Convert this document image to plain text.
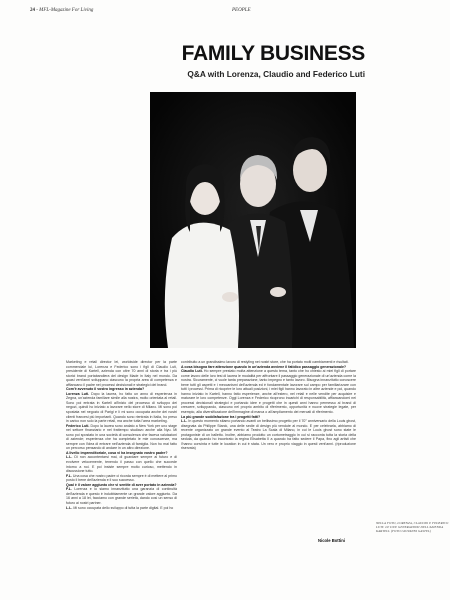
24 - MFL-Magazine For Living	PEOPLE
FAMILY BUSINESS
Q&A with Lorenza, Claudio and Federico Luti

Marketing e retail director lei, worldwide director per la parte commerciale lui, Lorenza e Federico sono i figli di Claudio Luti, presidente di Kartell, azienda con oltre 70 anni di storia e tra i più storici brand portabandiera del design Made in Italy nel mondo. Da quasi vent'anni sviluppano ciascuno la propria area di competenza e affiancano il padre nei processi decisionali e strategici del brand.

Com'è avvenuto il vostro ingresso in azienda?

Lorenza Luti. Dopo la laurea, ho fatto un anno di esperienza in Zegna, un'azienda familiare simile alla nostra, molto orientata al retail. Sono poi entrata in Kartell all'inizio del processo di sviluppo dei negozi, quindi ho iniziato a lavorare nello store di Milano. Mi sono poi spostata nel negozio di Parigi e lì mi sono occupata anche dei nostri clienti francesi più importanti. Quando sono rientrata in Italia, ho preso in carico non solo la parte retail, ma anche tutta l'area marketing.

Federico Luti. Dopo la laurea sono andato a New York per uno stage nel settore finanziario e nel frattempo studiavo anche alla Nyu. Mi sono poi spostato in una società di consulenza che faceva valutazioni di aziende; esperienza che ha completato le mie conoscenze, ma sempre con l'idea di entrare nell'azienda di famiglia. Non ho mai fatto un percorso pensando di andare in un altro direzione.

A livello imprenditoriale, cosa vi ha insegnato vostro padre?

L.L. Di non accontentarsi mai, di guardare sempre al futuro e di evolvere velocemente, tenendo il passo con quello che succede intorno a noi. E poi insiste sempre molto curioso, mettendo in discussione tutto.

F.L. Una cosa che nostro padre ci ricorda sempre è di mettere al primo posto il bene dell'azienda e il suo successo.

Qual è il valore aggiunto che vi sentite di aver portato in azienda?

F.L. Lorenza e io siamo innanzitutto una garanzia di continuità dell'azienda e questo è indubbiamente un grande valore aggiunto. Da 16 anni a 18 lei, facciamo con grande serietà, dando così un senso di futuro ai nostri partner.

L.L. Mi sono occupata dello sviluppo di tutta la parte digital. E poi ho

contribuito a un grandissimo lavoro di restyling nei nostri store, che ha portato molti cambiamenti e risultati.

A cosa bisogna fare attenzione quando in un'azienda avviene il fatidico passaggio generazionale?

Claudio Luti. Ho sempre prestato molta attenzione a questo tema, tanto che ho chiesto ai miei figli di portare come lavoro delle loro tesi di laurea le modalità per affrontare il passaggio generazionale di un'azienda come la nostra. Sicuramente, ci vuole tanta preparazione, tanto impegno e tanto lavoro. Bisogna innanzitutto conoscere bene tutti gli aspetti e i meccanismi dell'azienda ed è fondamentale lavorare sul campo per familiarizzare con tutti i processi. Prima di ricoprire le loro attuali posizioni, i miei figli hanno lavorato in altre aziende e poi, quando hanno iniziato in Kartell, hanno fatto esperienze, anche all'estero, nel retail e nelle vendite per acquisire e maturare le loro competenze. Oggi Lorenza e Federico ricoprono incarichi di responsabilità, affiancandomi nei processi decisionali strategici e portando idee e progetti che in questi anni hanno permesso al brand di crescere, sviluppando, ciascuno nel proprio ambito di riferimento, opportunità e nuove strategie legate, per esempio, alla diversificazione dell'immagine di marca o all'ampliamento dei mercati di riferimento.

La più grande soddisfazione tra i progetti fatti?

L.L. In questo momento stiamo portando avanti un bellissimo progetto per il 70° anniversario della Louis ghost, disegnata da Philippe Starck, una delle sedie di design più vendute al mondo. E per celebrarla, abbiamo di recente organizzato un grande evento al Teatro La Scala di Milano, in cui le Louis ghost sono state le protagoniste di un balletto. Inoltre, abbiamo prodotto un cortometraggio in cui si racconta tutta la storia della seduta, da quando ho incontrato la regina Elisabetta II a quando ha fatto sedere il Papa, fino agli artisti che l'hanno convinta e tutte le location in cui è stata. Un vero e proprio viaggio in questi vent'anni. (riproduzione riservata)

Nicole Bottini
NELLA FOTO, LORENZA, CLAUDIO E FEDERICO LUTI: LE DUE GENERAZIONI DELL'AZIENDA KARTELL (FOTO GIOVANNI GASTEL)
